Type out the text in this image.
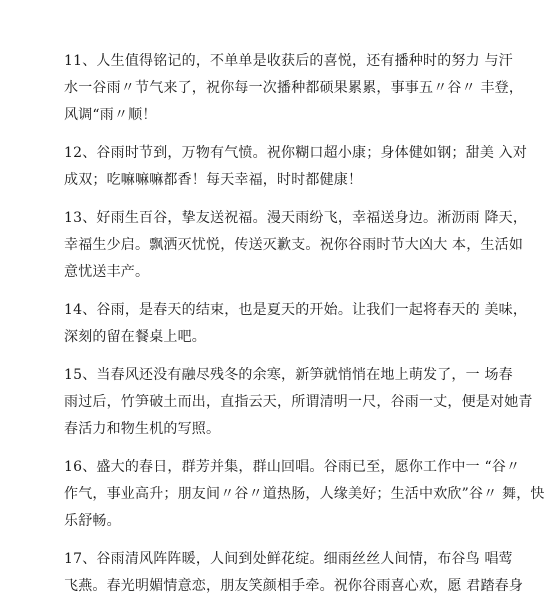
11、人生值得铭记的，不单单是收获后的喜悦，还有播种时的努力 与汗
水一谷雨〃节气来了，祝你每一次播种都硕果累累，事事五〃谷〃 丰登，
风调“雨〃顺！
12、谷雨时节到，万物有气愤。祝你糊口超小康；身体健如钢；甜美 入对
成双；吃嘛嘛嘛都香！每天幸福，时时都健康！
13、好雨生百谷，挚友送祝福。漫天雨纷飞，幸福送身边。淅沥雨 降天，
幸福生少启。飘洒灭忧悦，传送灭歉支。祝你谷雨时节大凶大 本，生活如
意忧送丰产。
14、谷雨，是春天的结束，也是夏天的开始。让我们一起将春天的 美味，
深刻的留在餐桌上吧。
15、当春风还没有融尽残冬的余寒，新笋就悄悄在地上萌发了，一 场春
雨过后，竹笋破土而出，直指云天，所谓清明一尺，谷雨一丈，便是对她青
春活力和物生机的写照。
16、盛大的春日，群芳并集，群山回唱。谷雨已至，愿你工作中一 “谷〃
作气，事业高升；朋友间〃谷〃道热肠，人缘美好；生活中欢欣”谷〃 舞，快
乐舒畅。
17、谷雨清风阵阵暖，人间到处鲜花绽。细雨丝丝人间情，布谷鸟 唱莺
飞燕。春光明媚情意恋，朋友笑颜相手牵。祝你谷雨喜心欢，愿 君踏春身
